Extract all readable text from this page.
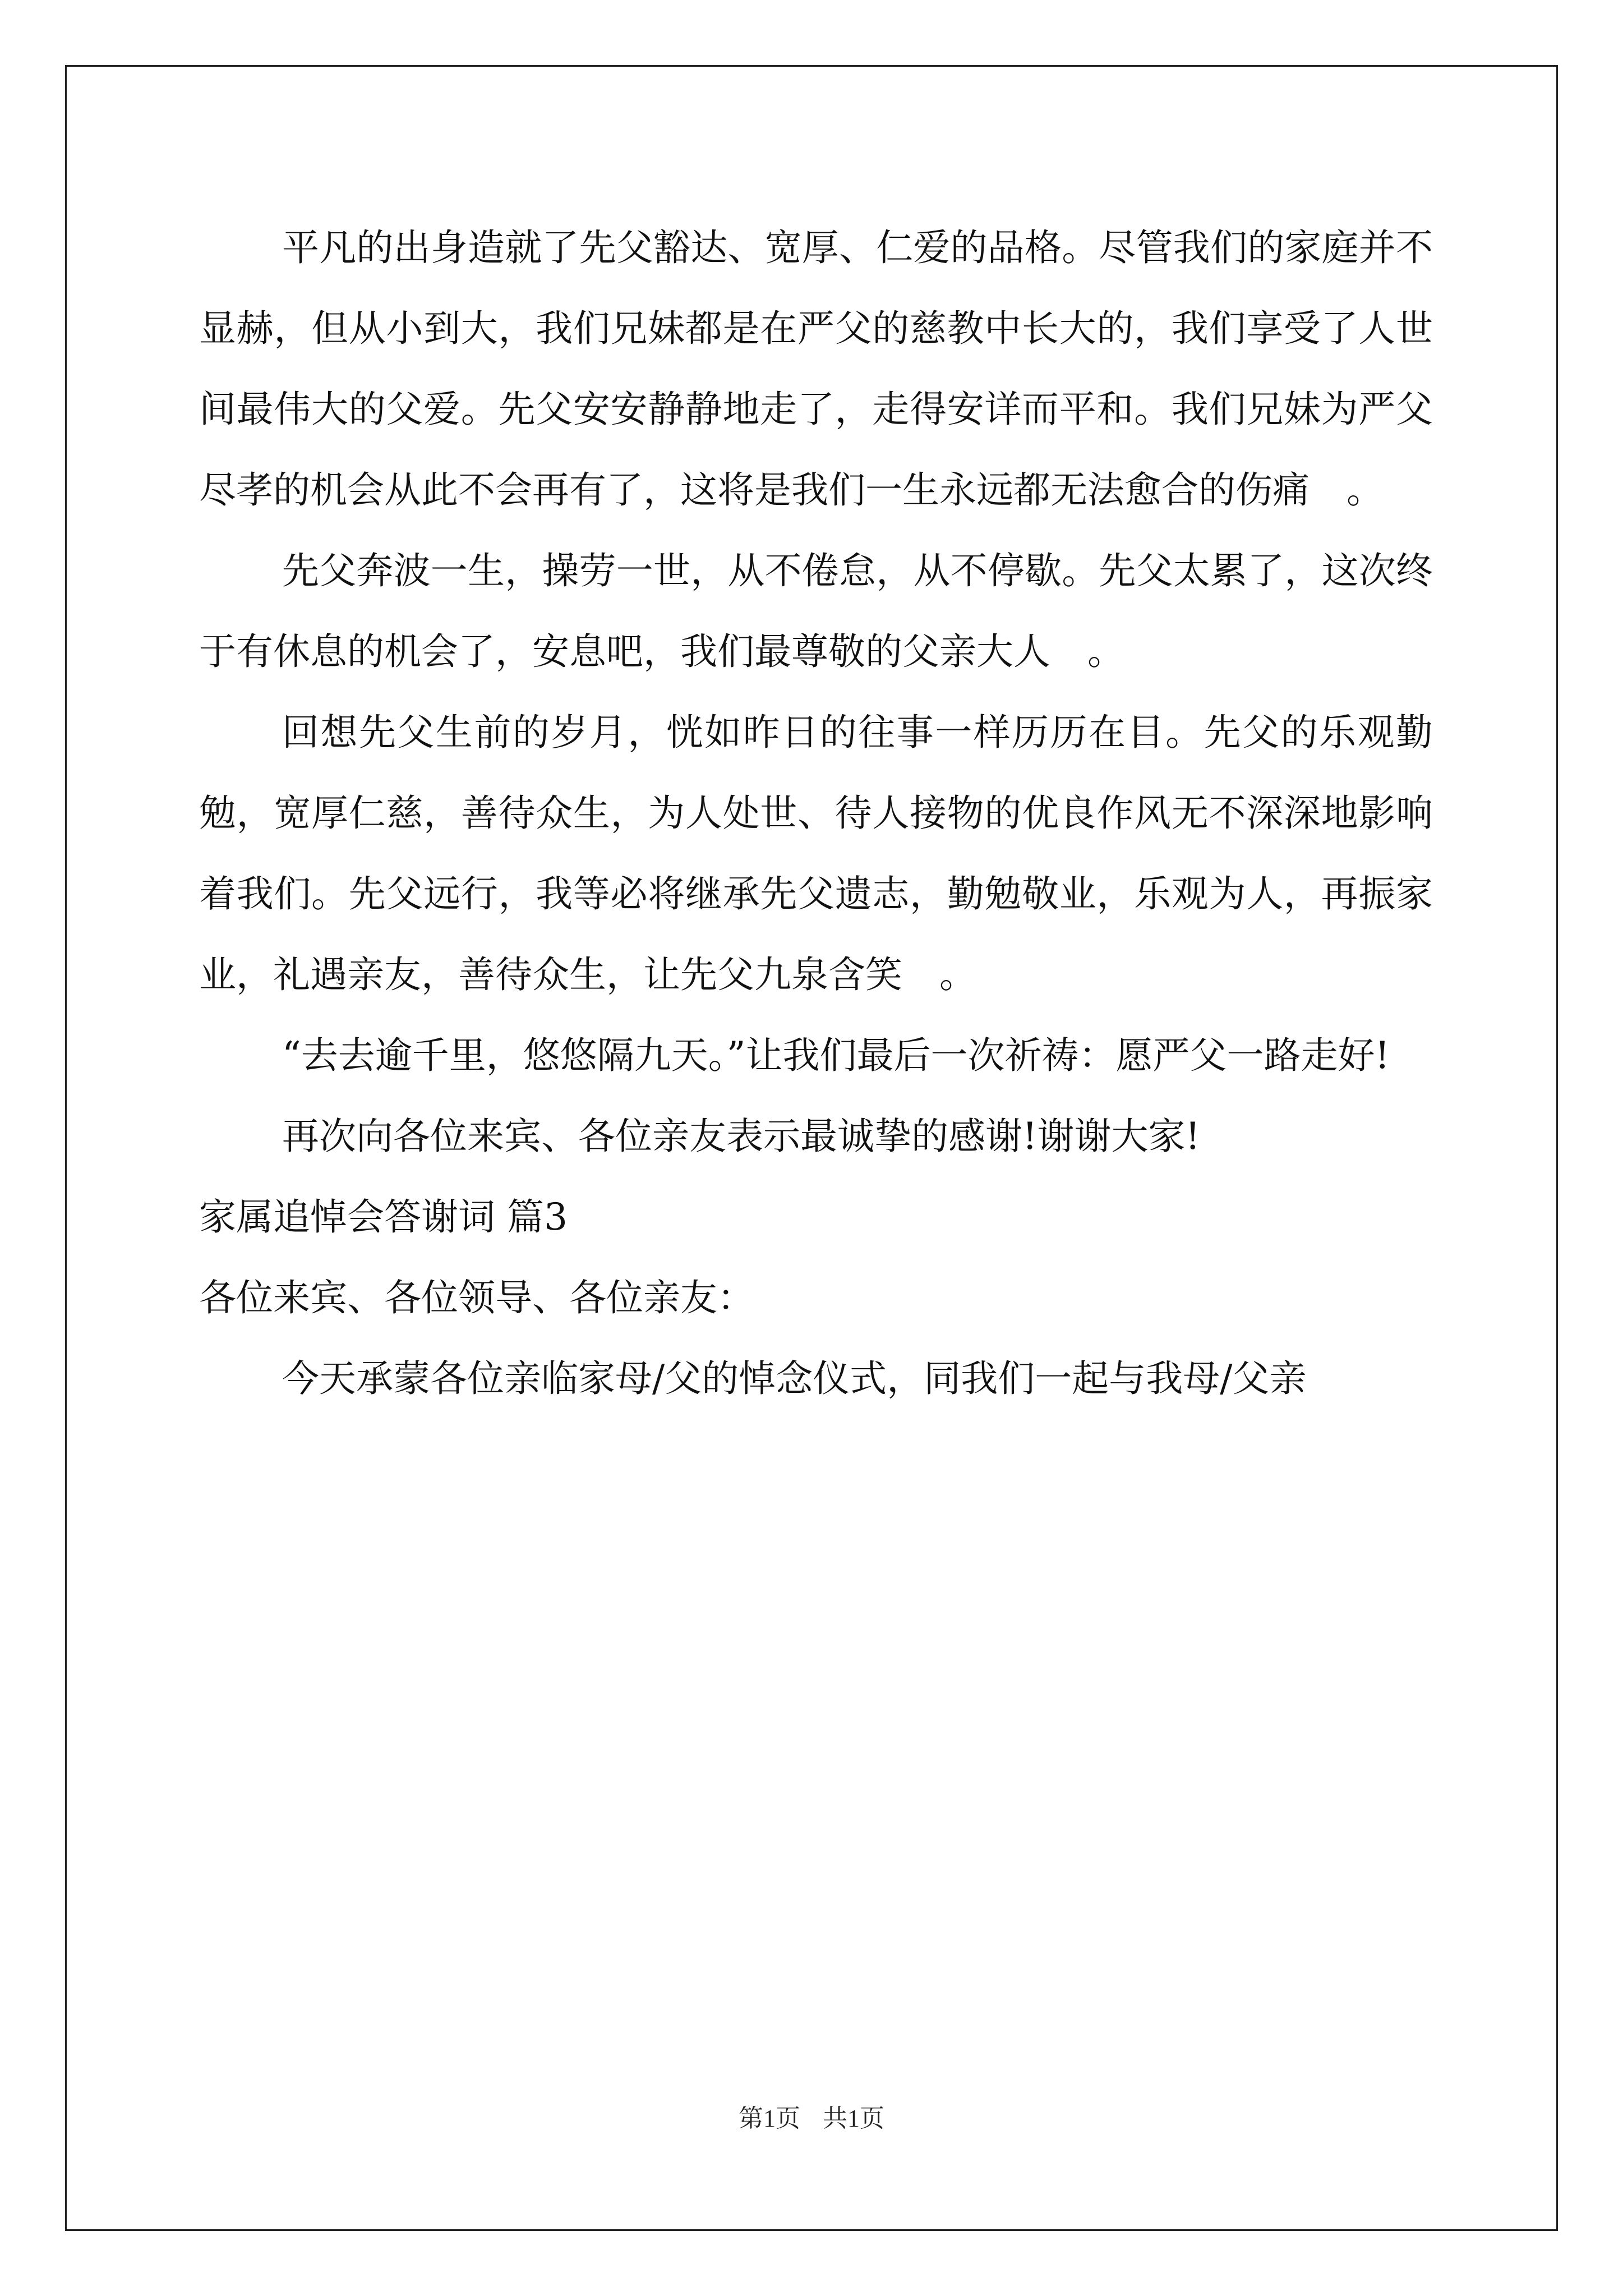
平凡的出身造就了先父豁达、宽厚、仁爱的品格。尽管我们的家庭并不显赫，但从小到大，我们兄妹都是在严父的慈教中长大的，我们享受了人世间最伟大的父爱。先父安安静静地走了，走得安详而平和。我们兄妹为严父尽孝的机会从此不会再有了，这将是我们一生永远都无法愈合的伤痛　。

先父奔波一生，操劳一世，从不倦怠，从不停歇。先父太累了，这次终于有休息的机会了，安息吧，我们最尊敬的父亲大人　。

回想先父生前的岁月，恍如昨日的往事一样历历在目。先父的乐观勤勉，宽厚仁慈，善待众生，为人处世、待人接物的优良作风无不深深地影响着我们。先父远行，我等必将继承先父遗志，勤勉敬业，乐观为人，再振家业，礼遇亲友，善待众生，让先父九泉含笑　。

“去去逾千里，悠悠隔九天。”让我们最后一次祈祷：愿严父一路走好!

再次向各位来宾、各位亲友表示最诚挚的感谢!谢谢大家!

家属追悼会答谢词 篇3

各位来宾、各位领导、各位亲友：

今天承蒙各位亲临家母/父的悼念仪式，同我们一起与我母/父亲

第1页 共1页
